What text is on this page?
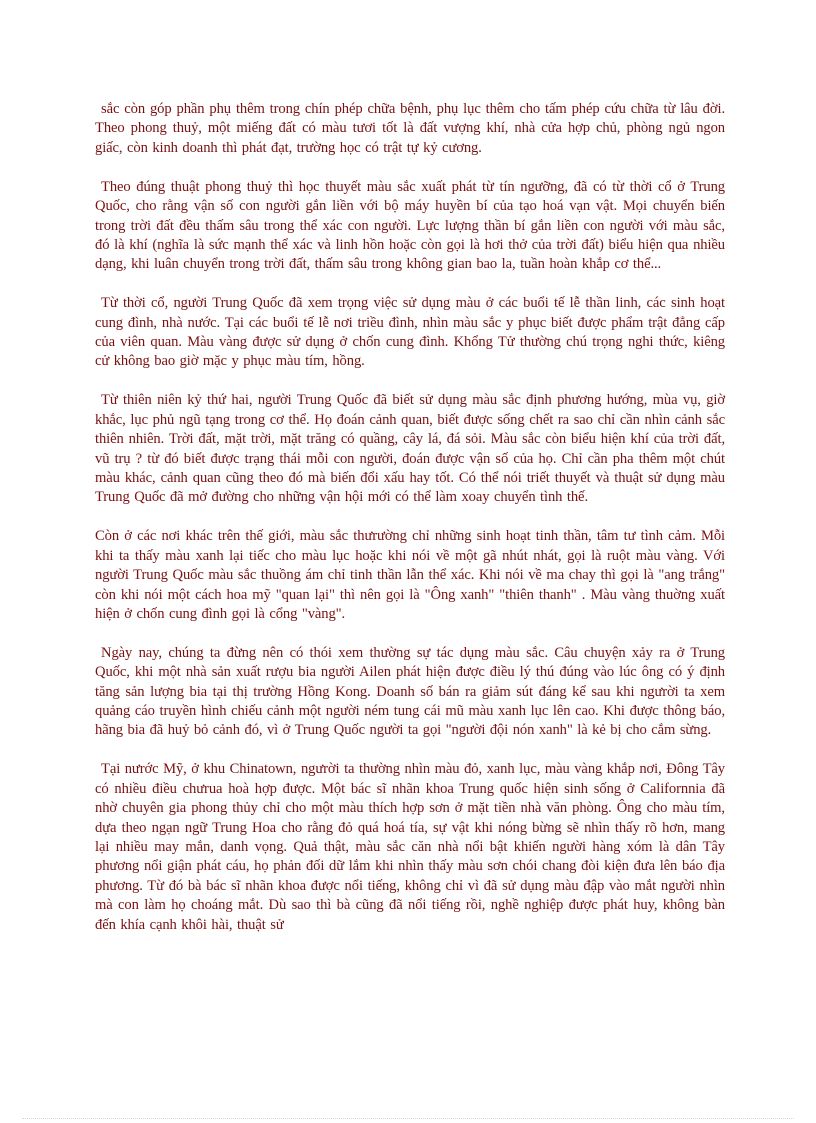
sắc còn góp phần phụ thêm trong chín phép chữa bệnh, phụ lục thêm cho tấm phép cứu chữa từ lâu đời. Theo phong thuỷ, một miếng đất có màu tươi tốt là đất vượng khí, nhà cửa hợp chủ, phòng ngủ ngon giấc, còn kinh doanh thì phát đạt, trường học có trật tự kỷ cương.

Theo đúng thuật phong thuỷ thì học thuyết màu sắc xuất phát từ tín ngưỡng, đã có từ thời cổ ở Trung Quốc, cho rằng vận số con người gắn liền với bộ máy huyền bí của tạo hoá vạn vật. Mọi chuyển biến trong trời đất đều thấm sâu trong thể xác con người. Lực lượng thần bí gắn liền con người với màu sắc, đó là khí (nghĩa là sức mạnh thể xác và linh hồn hoặc còn gọi là hơi thở của trời đất) biểu hiện qua nhiều dạng, khi luân chuyển trong trời đất, thấm sâu trong không gian bao la, tuần hoàn khắp cơ thể...

Từ thời cổ, người Trung Quốc đã xem trọng việc sử dụng màu ở các buổi tế lễ thần linh, các sinh hoạt cung đình, nhà nước. Tại các buổi tế lễ nơi triều đình, nhìn màu sắc y phục biết được phẩm trật đẳng cấp của viên quan. Màu vàng được sử dụng ở chốn cung đình. Khổng Tử thường chú trọng nghi thức, kiêng cử không bao giờ mặc y phục màu tím, hồng.

Từ thiên niên kỷ thứ hai, người Trung Quốc đã biết sử dụng màu sắc định phương hướng, mùa vụ, giờ khắc, lục phủ ngũ tạng trong cơ thể. Họ đoán cảnh quan, biết được sống chết ra sao chỉ cần nhìn cảnh sắc thiên nhiên. Trời đất, mặt trời, mặt trăng có quầng, cây lá, đá sỏi. Màu sắc còn biểu hiện khí của trời đất, vũ trụ ? từ đó biết được trạng thái mỗi con người, đoán được vận số của họ. Chỉ cần pha thêm một chút màu khác, cảnh quan cũng theo đó mà biến đổi xấu hay tốt. Có thể nói triết thuyết và thuật sử dụng màu Trung Quốc đã mở đường cho những vận hội mới có thể làm xoay chuyển tình thế.

Còn ở các nơi khác trên thế giới, màu sắc thưrường chỉ những sinh hoạt tinh thần, tâm tư tình cảm. Mỗi khi ta thấy màu xanh lại tiếc cho màu lục hoặc khi nói về một gã nhút nhát, gọi là ruột màu vàng. Với người Trung Quốc màu sắc thuồng ám chỉ tinh thần lẫn thể xác. Khi nói về ma chay thì gọi là "ang trắng" còn khi nói một cách hoa mỹ "quan lại" thì nên gọi là "Ông xanh" "thiên thanh" . Màu vàng thuờng xuất hiện ở chốn cung đình gọi là cổng "vàng".

Ngày nay, chúng ta đừng nên có thói xem thường sự tác dụng màu sắc. Câu chuyện xảy ra ở Trung Quốc, khi một nhà sản xuất rượu bia người Ailen phát hiện được điều lý thú đúng vào lúc ông có ý định tăng sản lượng bia tại thị trường Hồng Kong. Doanh số bán ra giảm sút đáng kể sau khi ngưrời ta xem quảng cáo truyền hình chiếu cảnh một người ném tung cái mũ màu xanh lục lên cao. Khi được thông báo, hãng bia đã huỷ bỏ cảnh đó, vì ở Trung Quốc người ta gọi "người đội nón xanh" là kẻ bị cho cắm sừng.

Tại nưrớc Mỹ, ở khu Chinatown, ngưrời ta thường nhìn màu đỏ, xanh lục, màu vàng khắp nơi, Đông Tây có nhiều điều chưrua hoà hợp được. Một bác sĩ nhãn khoa Trung quốc hiện sinh sống ở Californnia đã nhờ chuyên gia phong thủy chỉ cho một màu thích hợp sơn ở mặt tiền nhà văn phòng. Ông cho màu tím, dựa theo ngạn ngữ Trung Hoa cho rằng đỏ quá hoá tía, sự vật khi nóng bừng sẽ nhìn thấy rõ hơn, mang lại nhiều may mắn, danh vọng. Quả thật, màu sắc căn nhà nổi bật khiến người hàng xóm là dân Tây phương nổi giận phát cáu, họ phản đối dữ lắm khi nhìn thấy màu sơn chói chang đòi kiện đưa lên báo địa phương. Từ đó bà bác sĩ nhãn khoa được nổi tiếng, không chỉ vì đã sử dụng màu đập vào mắt người nhìn mà con làm họ choáng mắt. Dù sao thì bà cũng đã nổi tiếng rồi, nghề nghiệp được phát huy, không bàn đến khía cạnh khôi hài, thuật sử
